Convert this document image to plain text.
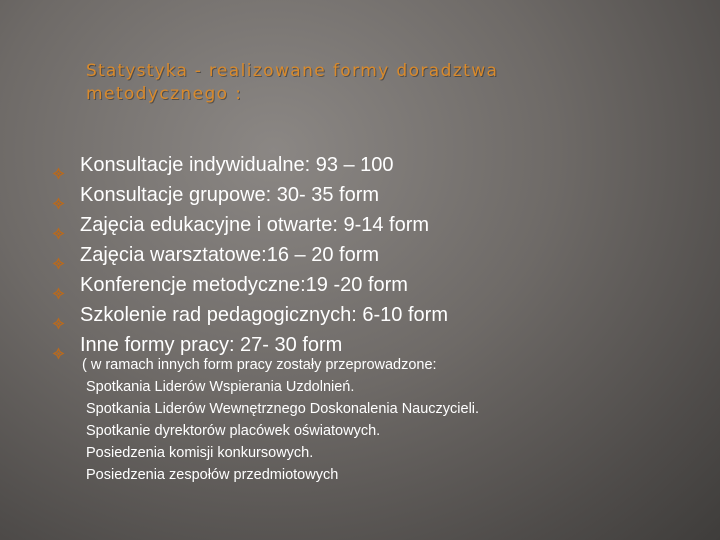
Statystyka - realizowane formy doradztwa metodycznego :
Konsultacje indywidualne: 93 – 100
Konsultacje grupowe: 30- 35 form
Zajęcia edukacyjne i otwarte: 9-14 form
Zajęcia warsztatowe:16 – 20 form
Konferencje metodyczne:19 -20 form
Szkolenie rad pedagogicznych: 6-10 form
Inne formy pracy: 27- 30 form
( w ramach innych form pracy zostały przeprowadzone:
Spotkania Liderów Wspierania Uzdolnień.
Spotkania Liderów Wewnętrznego Doskonalenia Nauczycieli.
Spotkanie dyrektorów placówek oświatowych.
Posiedzenia komisji konkursowych.
Posiedzenia zespołów przedmiotowych
